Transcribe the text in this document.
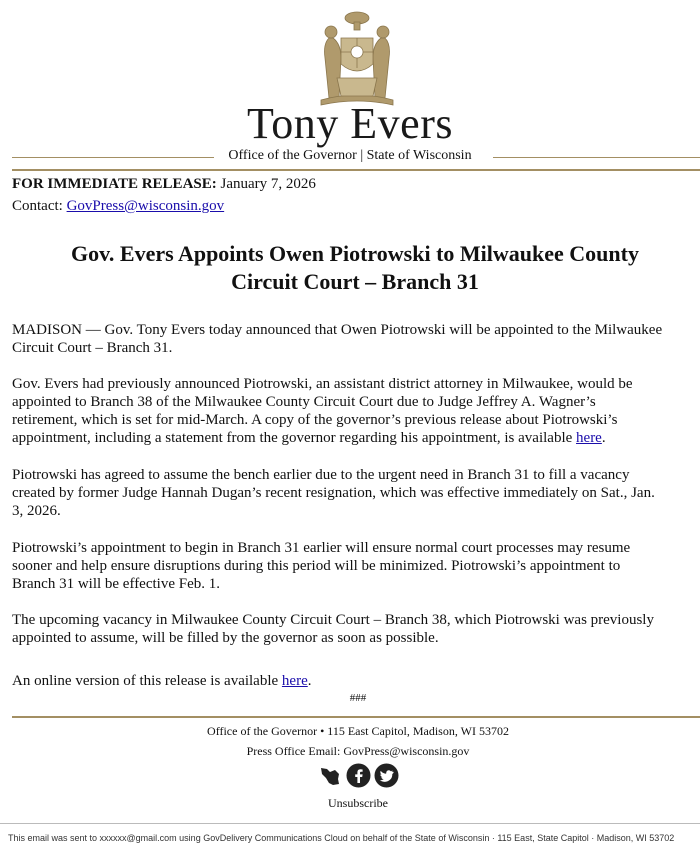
Tony Evers
Office of the Governor | State of Wisconsin
FOR IMMEDIATE RELEASE: January 7, 2026
Contact: GovPress@wisconsin.gov
Gov. Evers Appoints Owen Piotrowski to Milwaukee County
Circuit Court – Branch 31
MADISON — Gov. Tony Evers today announced that Owen Piotrowski will be appointed to the Milwaukee
Circuit Court – Branch 31.
Gov. Evers had previously announced Piotrowski, an assistant district attorney in Milwaukee, would be
appointed to Branch 38 of the Milwaukee County Circuit Court due to Judge Jeffrey A. Wagner’s
retirement, which is set for mid-March. A copy of the governor’s previous release about Piotrowski’s
appointment, including a statement from the governor regarding his appointment, is available here.
Piotrowski has agreed to assume the bench earlier due to the urgent need in Branch 31 to fill a vacancy
created by former Judge Hannah Dugan’s recent resignation, which was effective immediately on Sat., Jan.
3, 2026.
Piotrowski’s appointment to begin in Branch 31 earlier will ensure normal court processes may resume
sooner and help ensure disruptions during this period will be minimized. Piotrowski’s appointment to
Branch 31 will be effective Feb. 1.
The upcoming vacancy in Milwaukee County Circuit Court – Branch 38, which Piotrowski was previously
appointed to assume, will be filled by the governor as soon as possible.
An online version of this release is available here.
###
Office of the Governor • 115 East Capitol, Madison, WI 53702
Press Office Email: GovPress@wisconsin.gov
Unsubscribe
This email was sent to xxxxxx@gmail.com using GovDelivery Communications Cloud on behalf of the State of Wisconsin · 115 East, State Capitol · Madison, WI 53702
